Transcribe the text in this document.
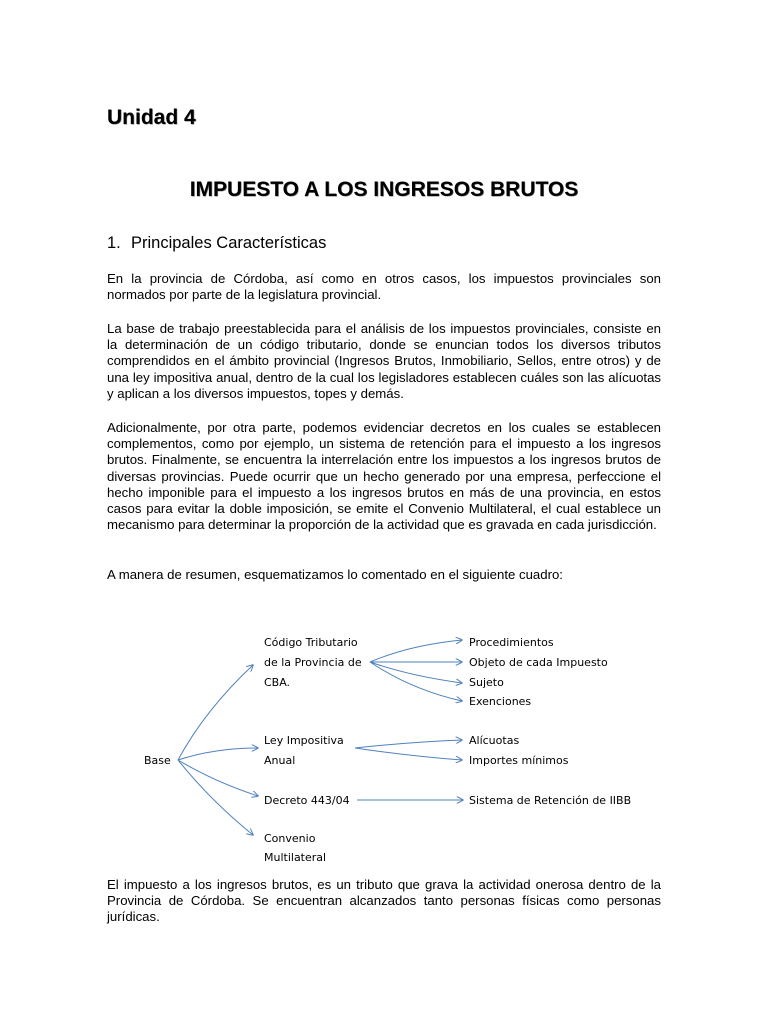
Unidad 4
IMPUESTO A LOS INGRESOS BRUTOS
1. Principales Características

En la provincia de Córdoba, así como en otros casos, los impuestos provinciales son normados por parte de la legislatura provincial.

La base de trabajo preestablecida para el análisis de los impuestos provinciales, consiste en la determinación de un código tributario, donde se enuncian todos los diversos tributos comprendidos en el ámbito provincial (Ingresos Brutos, Inmobiliario, Sellos, entre otros) y de una ley impositiva anual, dentro de la cual los legisladores establecen cuáles son las alícuotas y aplican a los diversos impuestos, topes y demás.

Adicionalmente, por otra parte, podemos evidenciar decretos en los cuales se establecen complementos, como por ejemplo, un sistema de retención para el impuesto a los ingresos brutos. Finalmente, se encuentra la interrelación entre los impuestos a los ingresos brutos de diversas provincias. Puede ocurrir que un hecho generado por una empresa, perfeccione el hecho imponible para el impuesto a los ingresos brutos en más de una provincia, en estos casos para evitar la doble imposición, se emite el Convenio Multilateral, el cual establece un mecanismo para determinar la proporción de la actividad que es gravada en cada jurisdicción.

A manera de resumen, esquematizamos lo comentado en el siguiente cuadro:

Base
Código Tributario
de la Provincia de
CBA.
Procedimientos
Objeto de cada Impuesto
Sujeto
Exenciones
Ley Impositiva
Anual
Alícuotas
Importes mínimos
Decreto 443/04	Sistema de Retención de IIBB
Convenio
Multilateral

El impuesto a los ingresos brutos, es un tributo que grava la actividad onerosa dentro de la Provincia de Córdoba. Se encuentran alcanzados tanto personas físicas como personas jurídicas.
